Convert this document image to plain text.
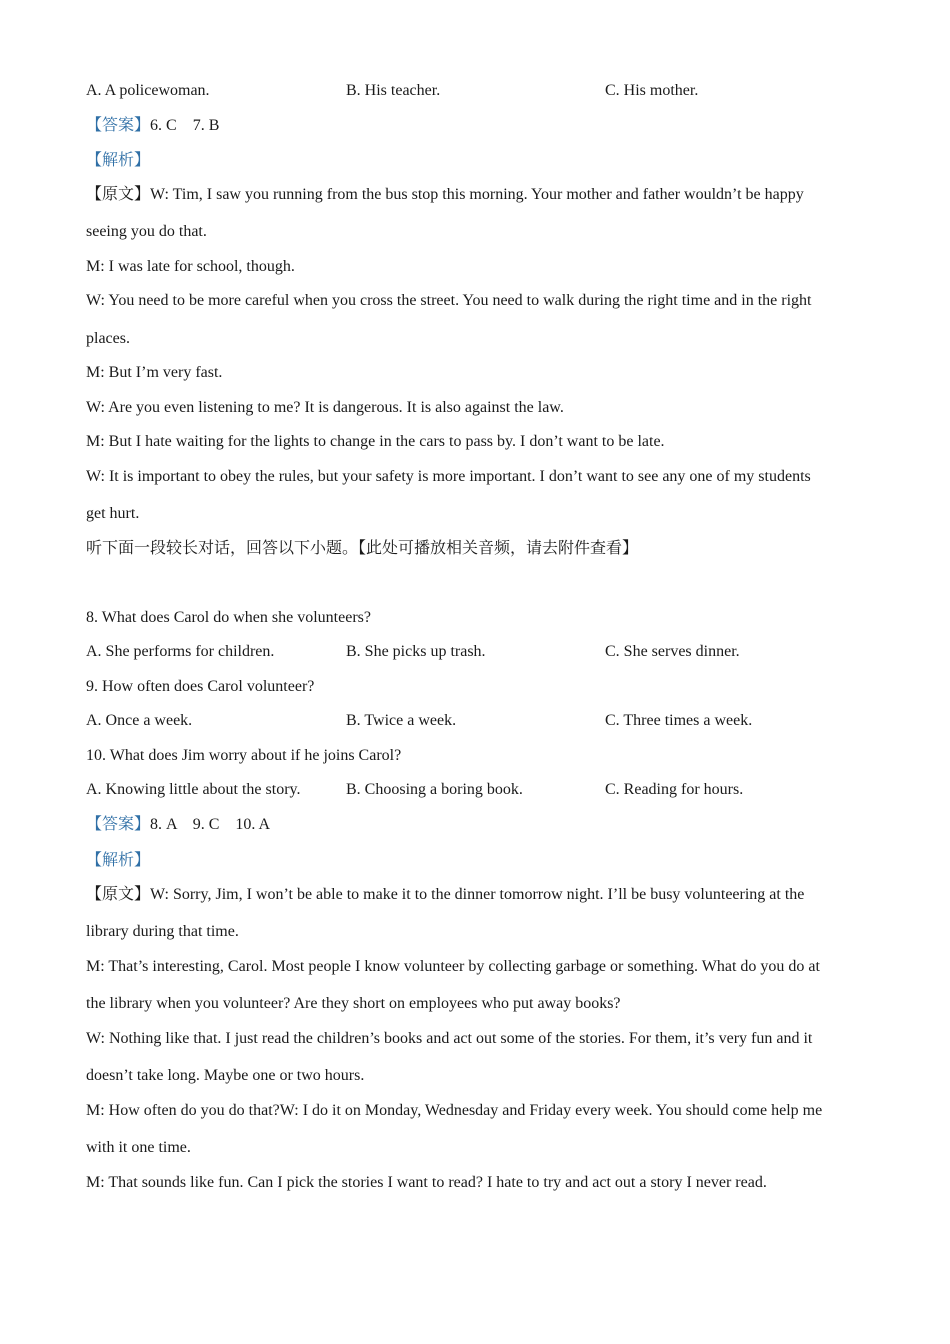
A. A policewoman.	B. His teacher.	C. His mother.
【答案】6. C　7. B
【解析】
【原文】W: Tim, I saw you running from the bus stop this morning. Your mother and father wouldn’t be happy
seeing you do that.
M: I was late for school, though.
W: You need to be more careful when you cross the street. You need to walk during the right time and in the right
places.
M: But I’m very fast.
W: Are you even listening to me? It is dangerous. It is also against the law.
M: But I hate waiting for the lights to change in the cars to pass by. I don’t want to be late.
W: It is important to obey the rules, but your safety is more important. I don’t want to see any one of my students
get hurt.
听下面一段较长对话，回答以下小题。【此处可播放相关音频，请去附件查看】
8. What does Carol do when she volunteers?
A. She performs for children.	B. She picks up trash.	C. She serves dinner.
9. How often does Carol volunteer?
A. Once a week.	B. Twice a week.	C. Three times a week.
10. What does Jim worry about if he joins Carol?
A. Knowing little about the story.	B. Choosing a boring book.	C. Reading for hours.
【答案】8. A　9. C　10. A
【解析】
【原文】W: Sorry, Jim, I won’t be able to make it to the dinner tomorrow night. I’ll be busy volunteering at the
library during that time.
M: That’s interesting, Carol. Most people I know volunteer by collecting garbage or something. What do you do at
the library when you volunteer? Are they short on employees who put away books?
W: Nothing like that. I just read the children’s books and act out some of the stories. For them, it’s very fun and it
doesn’t take long. Maybe one or two hours.
M: How often do you do that?W: I do it on Monday, Wednesday and Friday every week. You should come help me
with it one time.
M: That sounds like fun. Can I pick the stories I want to read? I hate to try and act out a story I never read.
